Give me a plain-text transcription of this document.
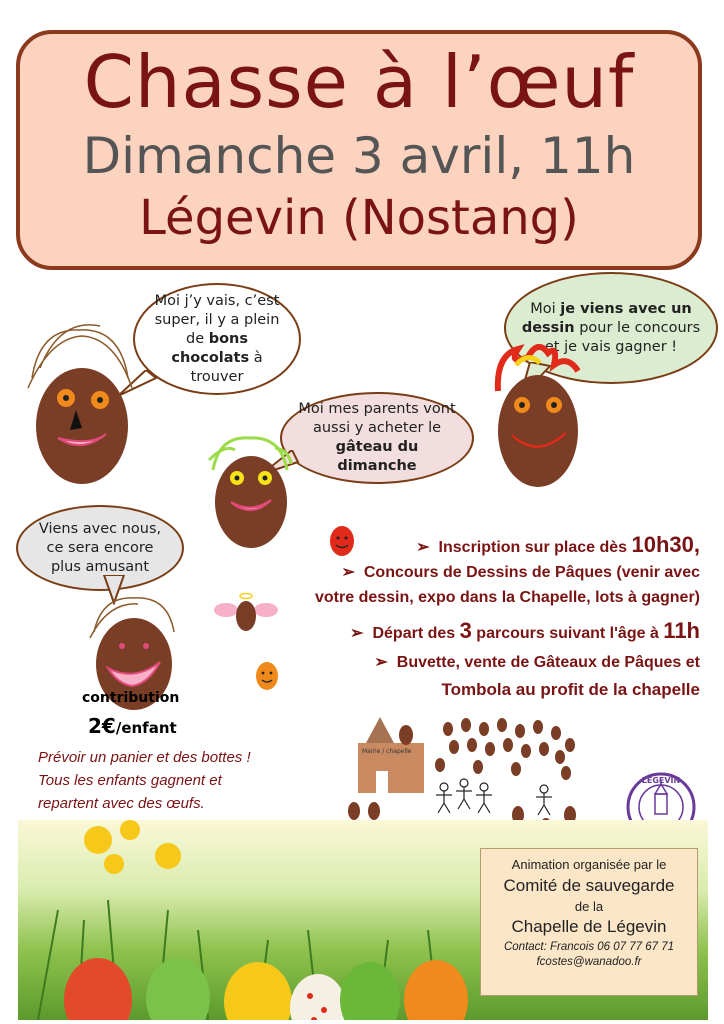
Chasse à l’œuf
Dimanche 3 avril, 11h
Légevin (Nostang)
Moi j’y vais, c’est super, il y a plein de bons chocolats à trouver
Moi je viens avec un dessin pour le concours et je vais gagner !
Moi mes parents vont aussi y acheter le gâteau du dimanche
Viens avec nous, ce sera encore plus amusant
➢ Inscription sur place dès 10h30,
➢ Concours de Dessins de Pâques (venir avec
votre dessin, expo dans la Chapelle, lots à gagner)
➢ Départ des 3 parcours suivant l'âge à 11h
➢ Buvette, vente de Gâteaux de Pâques et
Tombola au profit de la chapelle
contribution
2€/enfant
Prévoir un panier et des bottes !
Tous les enfants gagnent et
repartent avec des œufs.
Mairie / chapelle
LÉGEVIN
Animation organisée par le
Comité de sauvegarde
de la
Chapelle de Légevin
Contact: Francois 06 07 77 67 71
fcostes@wanadoo.fr
